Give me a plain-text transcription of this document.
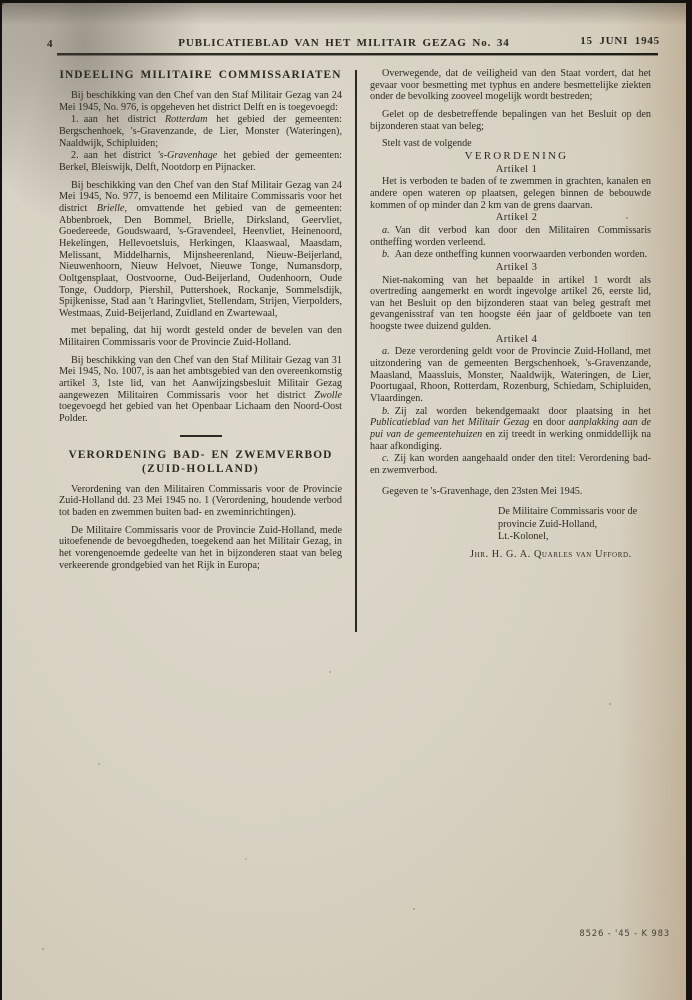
4	PUBLICATIEBLAD VAN HET MILITAIR GEZAG No. 34	15 JUNI 1945

INDEELING MILITAIRE COMMISSARIATEN

Bij beschikking van den Chef van den Staf Militair Gezag van 24 Mei 1945, No. 976, is opgeheven het district Delft en is toegevoegd:

1. aan het district Rotterdam het gebied der gemeenten: Bergschenhoek, 's-Gravenzande, de Lier, Monster (Wateringen), Naaldwijk, Schipluiden;

2. aan het district 's-Gravenhage het gebied der gemeenten: Berkel, Bleiswijk, Delft, Nootdorp en Pijnacker.

Bij beschikking van den Chef van den Staf Militair Gezag van 24 Mei 1945, No. 977, is benoemd een Militaire Commissaris voor het district Brielle, omvattende het gebied van de gemeenten: Abbenbroek, Den Bommel, Brielle, Dirksland, Geervliet, Goedereede, Goudswaard, 's-Gravendeel, Heenvliet, Heinenoord, Hekelingen, Hellevoetsluis, Herkingen, Klaaswaal, Maasdam, Melissant, Middelharnis, Mijnsheerenland, Nieuw-Beijerland, Nieuwenhoorn, Nieuw Helvoet, Nieuwe Tonge, Numansdorp, Ooltgensplaat, Oostvoorne, Oud-Beijerland, Oudenhoorn, Oude Tonge, Ouddorp, Piershil, Puttershoek, Rockanje, Sommelsdijk, Spijkenisse, Stad aan 't Haringvliet, Stellendam, Strijen, Vierpolders, Westmaas, Zuid-Beijerland, Zuidland en Zwartewaal,

met bepaling, dat hij wordt gesteld onder de bevelen van den Militairen Commissaris voor de Provincie Zuid-Holland.

Bij beschikking van den Chef van den Staf Militair Gezag van 31 Mei 1945, No. 1007, is aan het ambtsgebied van den overeenkomstig artikel 3, 1ste lid, van het Aanwijzingsbesluit Militair Gezag aangewezen Militairen Commissaris voor het district Zwolle toegevoegd het gebied van het Openbaar Lichaam den Noord-Oost Polder.

VERORDENING BAD- EN ZWEMVERBOD
(ZUID-HOLLAND)

Verordening van den Militairen Commissaris voor de Provincie Zuid-Holland dd. 23 Mei 1945 no. 1 (Verordening, houdende verbod tot baden en zwemmen buiten bad- en zweminrichtingen).

De Militaire Commissaris voor de Provincie Zuid-Holland, mede uitoefenende de bevoegdheden, toegekend aan het Militair Gezag, in het vorengenoemde gedeelte van het in bijzonderen staat van beleg verkeerende grondgebied van het Rijk in Europa;

Overwegende, dat de veiligheid van den Staat vordert, dat het gevaar voor besmetting met typhus en andere besmettelijke ziekten onder de bevolking zooveel mogelijk wordt bestreden;

Gelet op de desbetreffende bepalingen van het Besluit op den bijzonderen staat van beleg;

Stelt vast de volgende

VERORDENING

Artikel 1

Het is verboden te baden of te zwemmen in grachten, kanalen en andere open wateren op plaatsen, gelegen binnen de bebouwde kommen of op minder dan 2 km van de grens daarvan.

Artikel 2

a. Van dit verbod kan door den Militairen Commissaris ontheffing worden verleend.

b. Aan deze ontheffing kunnen voorwaarden verbonden worden.

Artikel 3

Niet-nakoming van het bepaalde in artikel 1 wordt als overtreding aangemerkt en wordt ingevolge artikel 26, eerste lid, van het Besluit op den bijzonderen staat van beleg gestraft met gevangenisstraf van ten hoogste één jaar of geldboete van ten hoogste twee duizend gulden.

Artikel 4

a. Deze verordening geldt voor de Provincie Zuid-Holland, met uitzondering van de gemeenten Bergschenhoek, 's-Gravenzande, Maasland, Maassluis, Monster, Naaldwijk, Wateringen, de Lier, Poortugaal, Rhoon, Rotterdam, Rozenburg, Schiedam, Schipluiden, Vlaardingen.

b. Zij zal worden bekendgemaakt door plaatsing in het Publicatieblad van het Militair Gezag en door aanplakking aan de pui van de gemeentehuizen en zij treedt in werking onmiddellijk na haar afkondiging.

c. Zij kan worden aangehaald onder den titel: Verordening bad- en zwemverbod.

Gegeven te 's-Gravenhage, den 23sten Mei 1945.

De Militaire Commissaris voor de
provincie Zuid-Holland,
Lt.-Kolonel,
Jhr. H. G. A. Quarles van Ufford.
8526 - '45 - K 983
